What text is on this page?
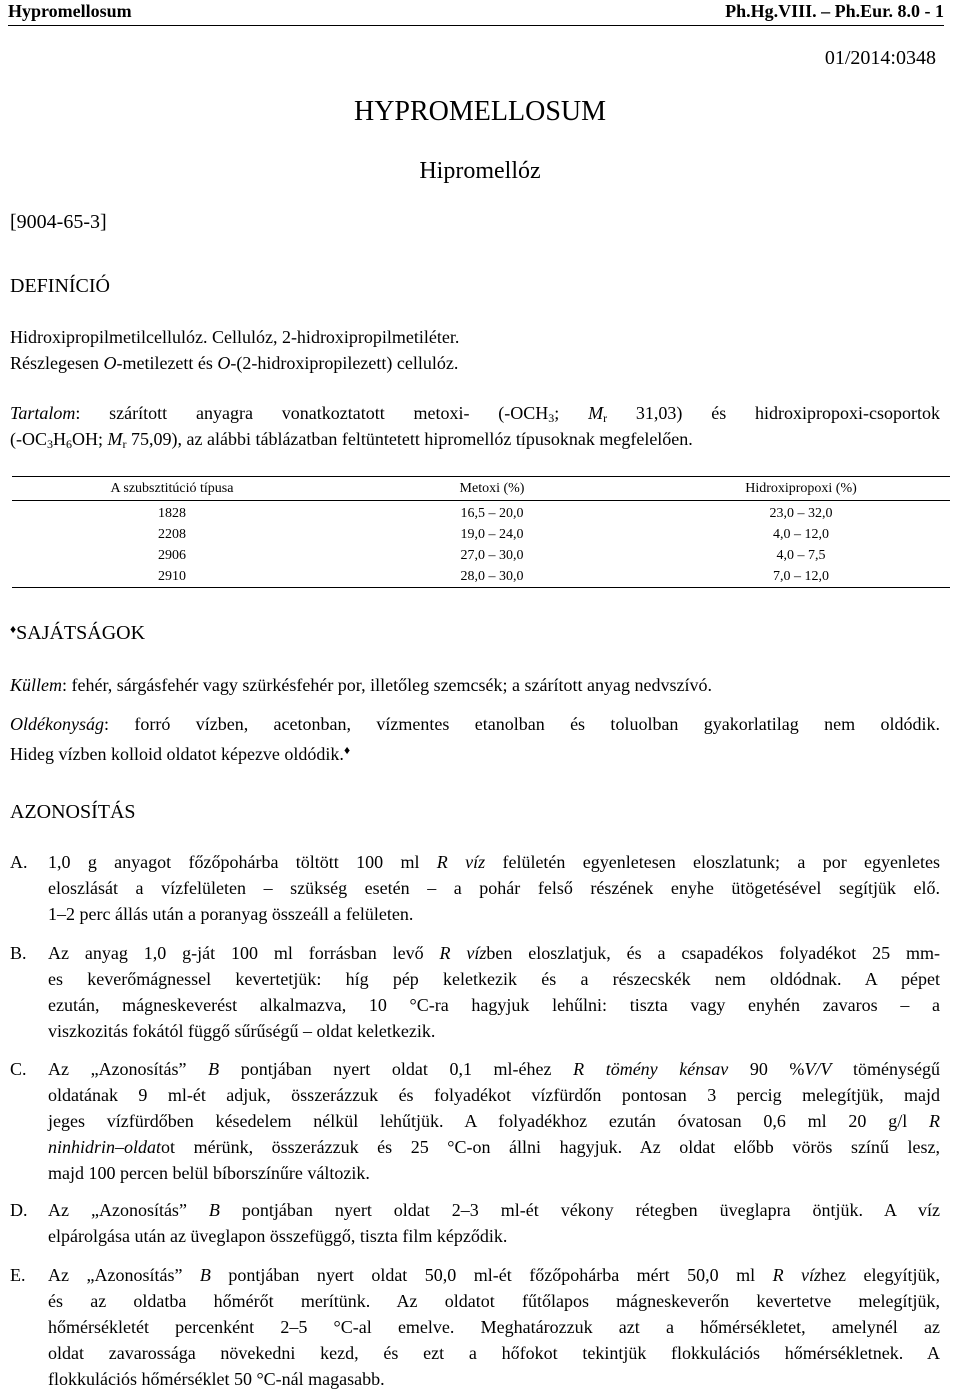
Hypromellosum	Ph.Hg.VIII. – Ph.Eur. 8.0 - 1
01/2014:0348
HYPROMELLOSUM
Hipromellóz
[9004-65-3]
DEFINÍCIÓ
Hidroxipropilmetilcellulóz. Cellulóz, 2-hidroxipropilmetiléter.
Részlegesen O-metilezett és O-(2-hidroxipropilezett) cellulóz.
Tartalom: szárított anyagra vonatkoztatott metoxi- ($-OCH_3$; $M_r$ 31,03) és hidroxipropoxi-csoportok
($-OC_3H_6OH$; $M_r$ 75,09), az alábbi táblázatban feltüntetett hipromellóz típusoknak megfelelően.
A szubsztitúció típusa	Metoxi (%)	Hidroxipropoxi (%)
1828	16,5 – 20,0	23,0 – 32,0
2208	19,0 – 24,0	4,0 – 12,0
2906	27,0 – 30,0	4,0 – 7,5
2910	28,0 – 30,0	7,0 – 12,0
♦SAJÁTSÁGOK
Küllem: fehér, sárgásfehér vagy szürkésfehér por, illetőleg szemcsék; a szárított anyag nedvszívó.
Oldékonyság: forró vízben, acetonban, vízmentes etanolban és toluolban gyakorlatilag nem oldódik.
Hideg vízben kolloid oldatot képezve oldódik.♦
AZONOSÍTÁS
A. 1,0 g anyagot főzőpohárba töltött 100 ml R víz felületén egyenletesen eloszlatunk; a por egyenletes
eloszlását a vízfelületen – szükség esetén – a pohár felső részének enyhe ütögetésével segítjük elő.
1–2 perc állás után a poranyag összeáll a felületen.
B. Az anyag 1,0 g-ját 100 ml forrásban levő R vízben eloszlatjuk, és a csapadékos folyadékot 25 mm-
es keverőmágnessel kevertetjük: híg pép keletkezik és a részecskék nem oldódnak. A pépet
ezután, mágneskeverést alkalmazva, 10 °C-ra hagyjuk lehűlni: tiszta vagy enyhén zavaros – a
viszkozitás fokától függő sűrűségű – oldat keletkezik.
C. Az „Azonosítás” B pontjában nyert oldat 0,1 ml-éhez R tömény kénsav 90 %V/V töménységű
oldatának 9 ml-ét adjuk, összerázzuk és folyadékot vízfürdőn pontosan 3 percig melegítjük, majd
jeges vízfürdőben késedelem nélkül lehűtjük. A folyadékhoz ezután óvatosan 0,6 ml 20 g/l R
ninhidrin–oldatot mérünk, összerázzuk és 25 °C-on állni hagyjuk. Az oldat előbb vörös színű lesz,
majd 100 percen belül bíborszínűre változik.
D. Az „Azonosítás” B pontjában nyert oldat 2–3 ml-ét vékony rétegben üveglapra öntjük. A víz
elpárolgása után az üveglapon összefüggő, tiszta film képződik.
E. Az „Azonosítás” B pontjában nyert oldat 50,0 ml-ét főzőpohárba mért 50,0 ml R vízhez elegyítjük,
és az oldatba hőmérőt merítünk. Az oldatot fűtőlapos mágneskeverőn kevertetve melegítjük,
hőmérsékletét percenként 2–5 °C-al emelve. Meghatározzuk azt a hőmérsékletet, amelynél az
oldat zavarossága növekedni kezd, és ezt a hőfokot tekintjük flokkulációs hőmérsékletnek. A
flokkulációs hőmérséklet 50 °C-nál magasabb.
